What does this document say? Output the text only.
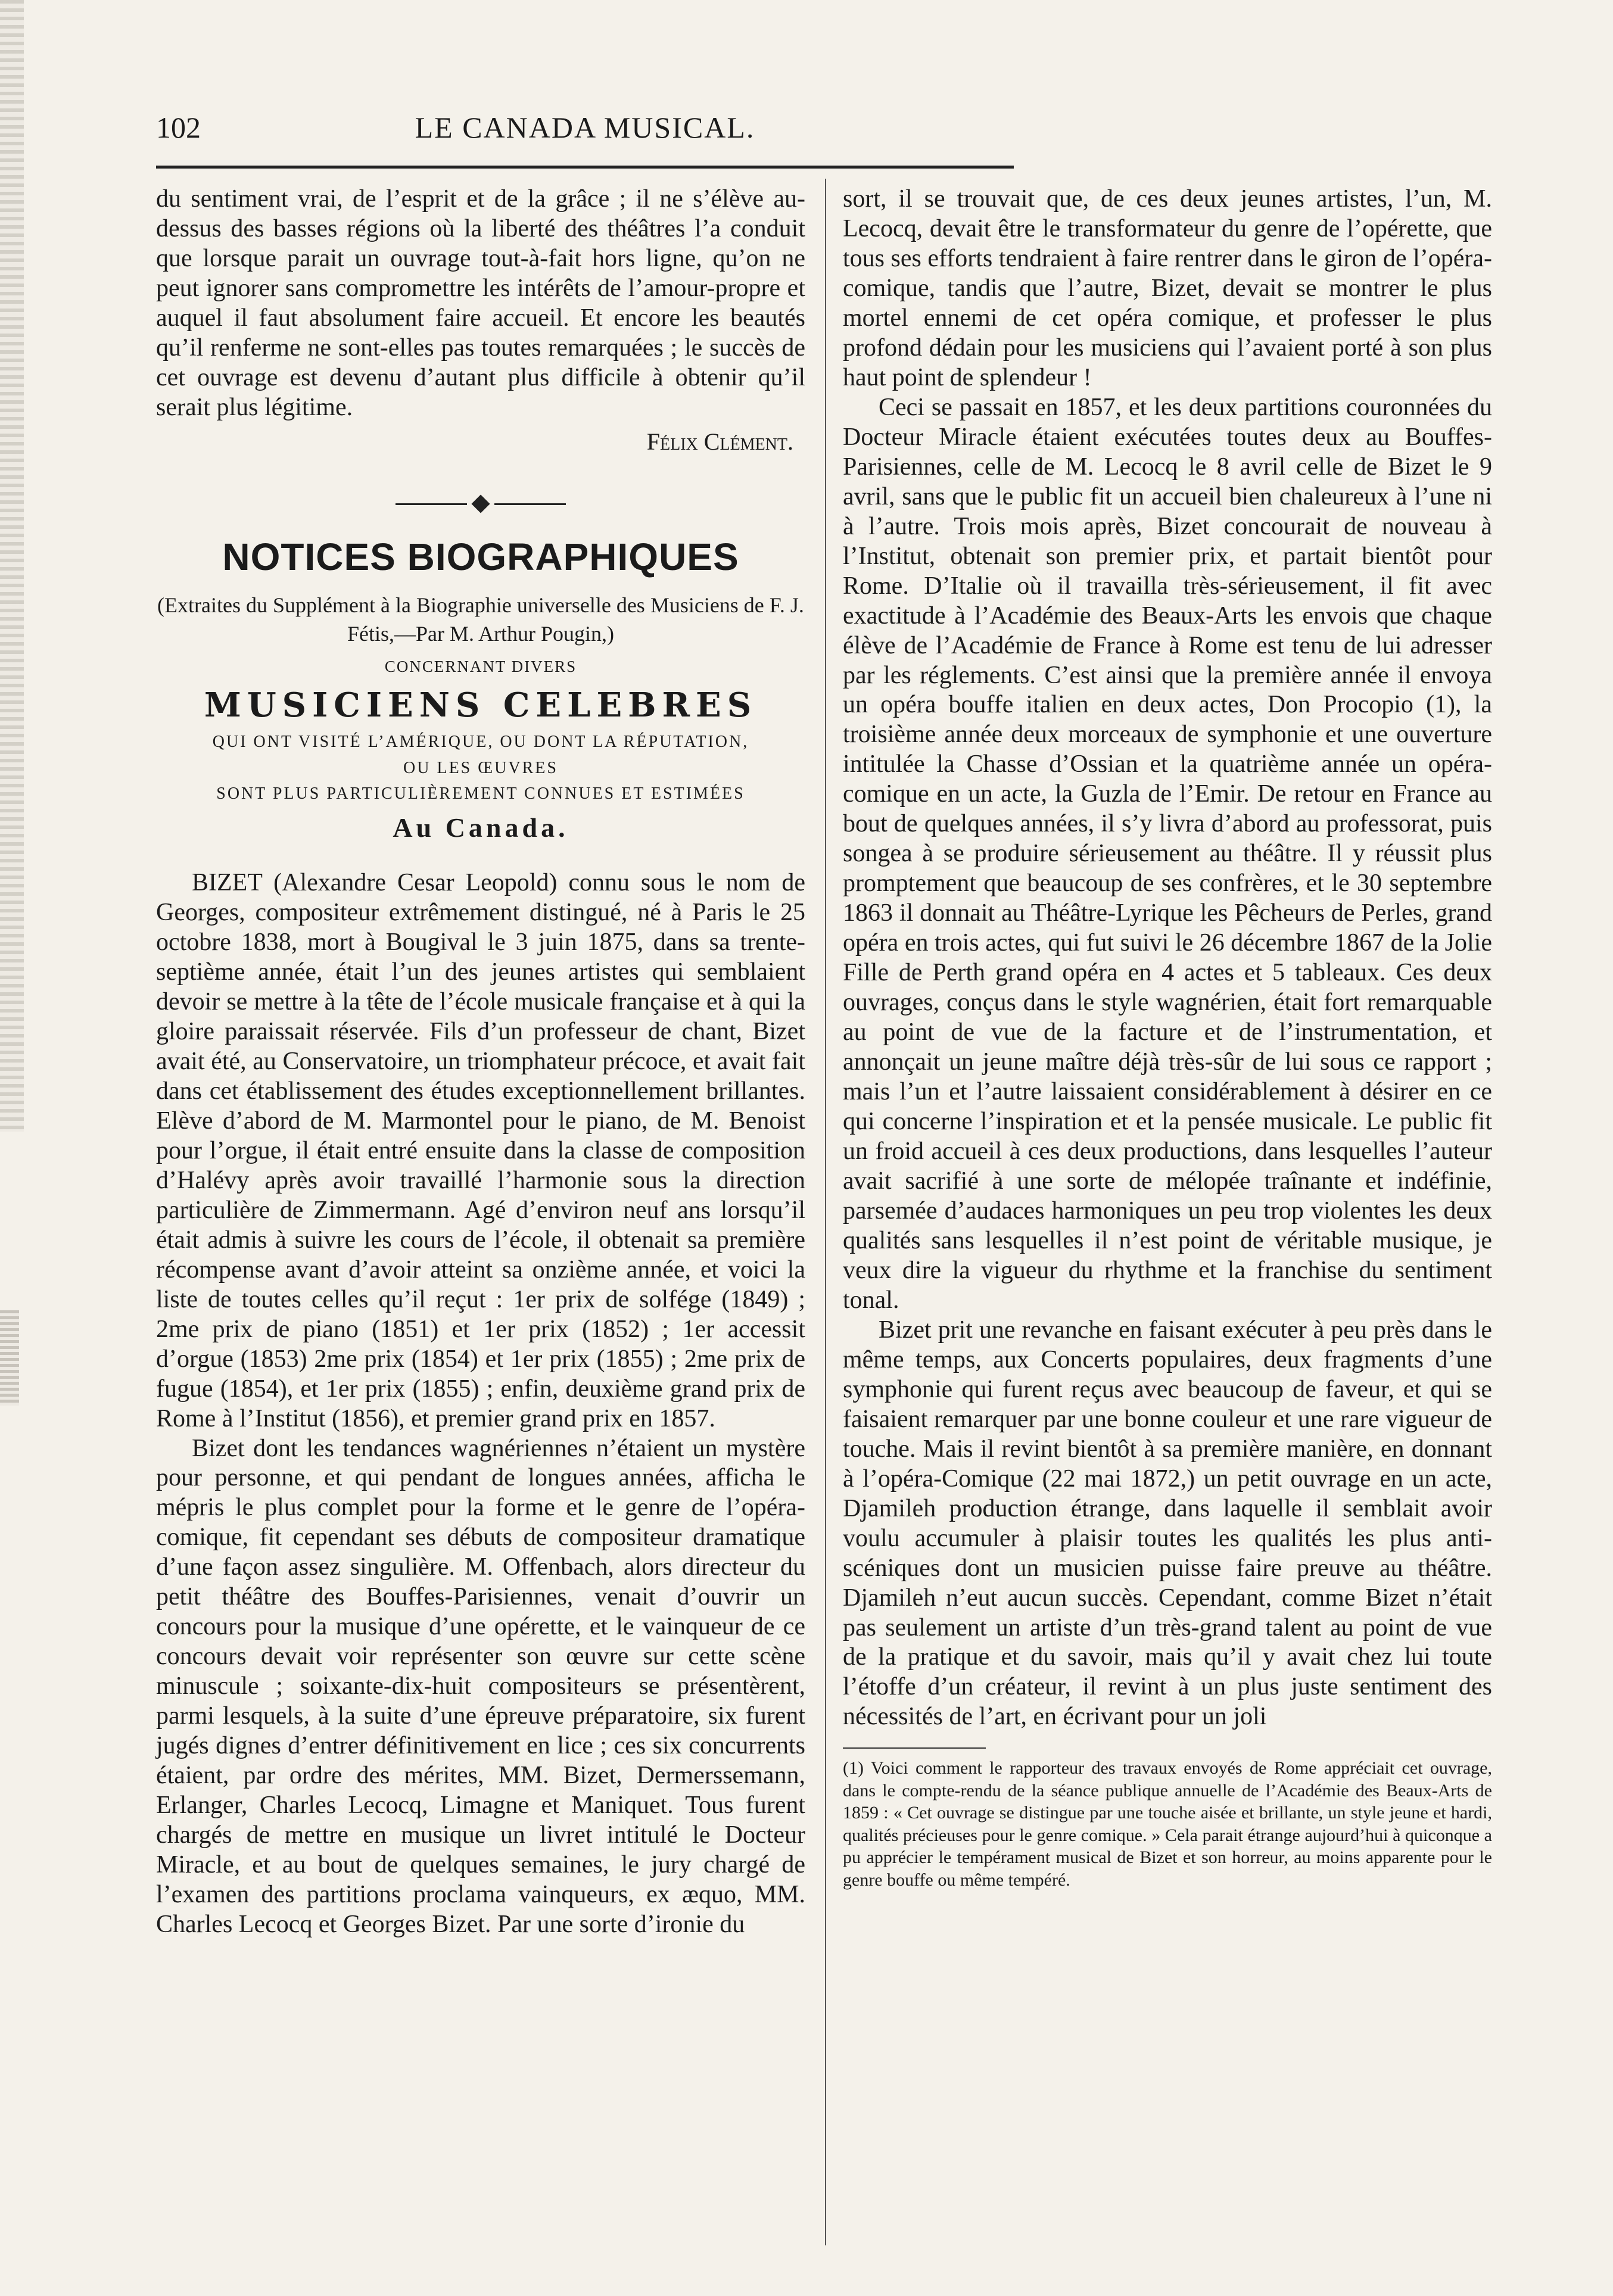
102	LE CANADA MUSICAL.

du sentiment vrai, de l’esprit et de la grâce ; il ne s’élève au-dessus des basses régions où la liberté des théâtres l’a conduit que lorsque parait un ouvrage tout-à-fait hors ligne, qu’on ne peut ignorer sans compromettre les intérêts de l’amour-propre et auquel il faut absolument faire accueil. Et encore les beautés qu’il renferme ne sont-elles pas toutes remarquées ; le succès de cet ouvrage est devenu d’autant plus difficile à obtenir qu’il serait plus légitime.

Félix Clément.

NOTICES BIOGRAPHIQUES
(Extraites du Supplément à la Biographie universelle des Musiciens de F. J. Fétis,—Par M. Arthur Pougin,)
CONCERNANT DIVERS
MUSICIENS CELEBRES
QUI ONT VISITÉ L’AMÉRIQUE, OU DONT LA RÉPUTATION,
OU LES ŒUVRES
SONT PLUS PARTICULIÈREMENT CONNUES ET ESTIMÉES
Au Canada.

BIZET (Alexandre Cesar Leopold) connu sous le nom de Georges, compositeur extrêmement distingué, né à Paris le 25 octobre 1838, mort à Bougival le 3 juin 1875, dans sa trente-septième année, était l’un des jeunes artistes qui semblaient devoir se mettre à la tête de l’école musicale française et à qui la gloire paraissait réservée. Fils d’un professeur de chant, Bizet avait été, au Conservatoire, un triomphateur précoce, et avait fait dans cet établissement des études exceptionnellement brillantes. Elève d’abord de M. Marmontel pour le piano, de M. Benoist pour l’orgue, il était entré ensuite dans la classe de composition d’Halévy après avoir travaillé l’harmonie sous la direction particulière de Zimmermann. Agé d’environ neuf ans lorsqu’il était admis à suivre les cours de l’école, il obtenait sa première récompense avant d’avoir atteint sa onzième année, et voici la liste de toutes celles qu’il reçut : 1er prix de solfége (1849) ; 2me prix de piano (1851) et 1er prix (1852) ; 1er accessit d’orgue (1853) 2me prix (1854) et 1er prix (1855) ; 2me prix de fugue (1854), et 1er prix (1855) ; enfin, deuxième grand prix de Rome à l’Institut (1856), et premier grand prix en 1857.

Bizet dont les tendances wagnériennes n’étaient un mystère pour personne, et qui pendant de longues années, afficha le mépris le plus complet pour la forme et le genre de l’opéra-comique, fit cependant ses débuts de compositeur dramatique d’une façon assez singulière. M. Offenbach, alors directeur du petit théâtre des Bouffes-Parisiennes, venait d’ouvrir un concours pour la musique d’une opérette, et le vainqueur de ce concours devait voir représenter son œuvre sur cette scène minuscule ; soixante-dix-huit compositeurs se présentèrent, parmi lesquels, à la suite d’une épreuve préparatoire, six furent jugés dignes d’entrer définitivement en lice ; ces six concurrents étaient, par ordre des mérites, MM. Bizet, Dermerssemann, Erlanger, Charles Lecocq, Limagne et Maniquet. Tous furent chargés de mettre en musique un livret intitulé le Docteur Miracle, et au bout de quelques semaines, le jury chargé de l’examen des partitions proclama vainqueurs, ex æquo, MM. Charles Lecocq et Georges Bizet. Par une sorte d’ironie du

sort, il se trouvait que, de ces deux jeunes artistes, l’un, M. Lecocq, devait être le transformateur du genre de l’opérette, que tous ses efforts tendraient à faire rentrer dans le giron de l’opéra-comique, tandis que l’autre, Bizet, devait se montrer le plus mortel ennemi de cet opéra comique, et professer le plus profond dédain pour les musiciens qui l’avaient porté à son plus haut point de splendeur !

Ceci se passait en 1857, et les deux partitions couronnées du Docteur Miracle étaient exécutées toutes deux au Bouffes-Parisiennes, celle de M. Lecocq le 8 avril celle de Bizet le 9 avril, sans que le public fit un accueil bien chaleureux à l’une ni à l’autre. Trois mois après, Bizet concourait de nouveau à l’Institut, obtenait son premier prix, et partait bientôt pour Rome. D’Italie où il travailla très-sérieusement, il fit avec exactitude à l’Académie des Beaux-Arts les envois que chaque élève de l’Académie de France à Rome est tenu de lui adresser par les réglements. C’est ainsi que la première année il envoya un opéra bouffe italien en deux actes, Don Procopio (1), la troisième année deux morceaux de symphonie et une ouverture intitulée la Chasse d’Ossian et la quatrième année un opéra-comique en un acte, la Guzla de l’Emir. De retour en France au bout de quelques années, il s’y livra d’abord au professorat, puis songea à se produire sérieusement au théâtre. Il y réussit plus promptement que beaucoup de ses confrères, et le 30 septembre 1863 il donnait au Théâtre-Lyrique les Pêcheurs de Perles, grand opéra en trois actes, qui fut suivi le 26 décembre 1867 de la Jolie Fille de Perth grand opéra en 4 actes et 5 tableaux. Ces deux ouvrages, conçus dans le style wagnérien, était fort remarquable au point de vue de la facture et de l’instrumentation, et annonçait un jeune maître déjà très-sûr de lui sous ce rapport ; mais l’un et l’autre laissaient considérablement à désirer en ce qui concerne l’inspiration et et la pensée musicale. Le public fit un froid accueil à ces deux productions, dans lesquelles l’auteur avait sacrifié à une sorte de mélopée traînante et indéfinie, parsemée d’audaces harmoniques un peu trop violentes les deux qualités sans lesquelles il n’est point de véritable musique, je veux dire la vigueur du rhythme et la franchise du sentiment tonal.

Bizet prit une revanche en faisant exécuter à peu près dans le même temps, aux Concerts populaires, deux fragments d’une symphonie qui furent reçus avec beaucoup de faveur, et qui se faisaient remarquer par une bonne couleur et une rare vigueur de touche. Mais il revint bientôt à sa première manière, en donnant à l’opéra-Comique (22 mai 1872,) un petit ouvrage en un acte, Djamileh production étrange, dans laquelle il semblait avoir voulu accumuler à plaisir toutes les qualités les plus anti-scéniques dont un musicien puisse faire preuve au théâtre. Djamileh n’eut aucun succès. Cependant, comme Bizet n’était pas seulement un artiste d’un très-grand talent au point de vue de la pratique et du savoir, mais qu’il y avait chez lui toute l’étoffe d’un créateur, il revint à un plus juste sentiment des nécessités de l’art, en écrivant pour un joli

(1) Voici comment le rapporteur des travaux envoyés de Rome appréciait cet ouvrage, dans le compte-rendu de la séance publique annuelle de l’Académie des Beaux-Arts de 1859 : « Cet ouvrage se distingue par une touche aisée et brillante, un style jeune et hardi, qualités précieuses pour le genre comique. » Cela parait étrange aujourd’hui à quiconque a pu apprécier le tempérament musical de Bizet et son horreur, au moins apparente pour le genre bouffe ou même tempéré.
